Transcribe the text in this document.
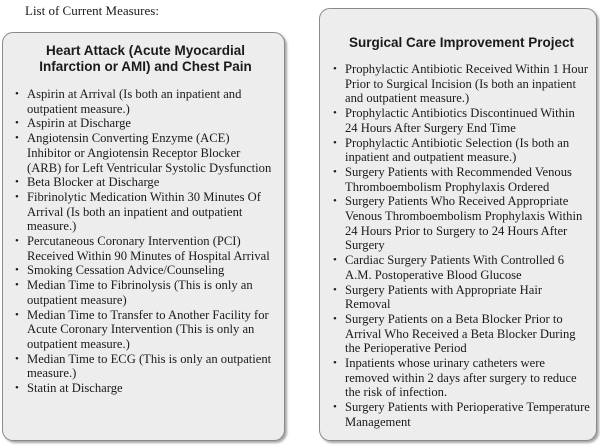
List of Current Measures:
Heart Attack (Acute Myocardial Infarction or AMI) and Chest Pain
• Aspirin at Arrival (Is both an inpatient and outpatient measure.)
• Aspirin at Discharge
• Angiotensin Converting Enzyme (ACE) Inhibitor or Angiotensin Receptor Blocker (ARB) for Left Ventricular Systolic Dysfunction
• Beta Blocker at Discharge
• Fibrinolytic Medication Within 30 Minutes Of Arrival (Is both an inpatient and outpatient measure.)
• Percutaneous Coronary Intervention (PCI) Received Within 90 Minutes of Hospital Arrival
• Smoking Cessation Advice/Counseling
• Median Time to Fibrinolysis (This is only an outpatient measure)
• Median Time to Transfer to Another Facility for Acute Coronary Intervention (This is only an outpatient measure.)
• Median Time to ECG (This is only an outpatient measure.)
• Statin at Discharge
Surgical Care Improvement Project
• Prophylactic Antibiotic Received Within 1 Hour Prior to Surgical Incision (Is both an inpatient and outpatient measure.)
• Prophylactic Antibiotics Discontinued Within 24 Hours After Surgery End Time
• Prophylactic Antibiotic Selection (Is both an inpatient and outpatient measure.)
• Surgery Patients with Recommended Venous Thromboembolism Prophylaxis Ordered
• Surgery Patients Who Received Appropriate Venous Thromboembolism Prophylaxis Within 24 Hours Prior to Surgery to 24 Hours After Surgery
• Cardiac Surgery Patients With Controlled 6 A.M. Postoperative Blood Glucose
• Surgery Patients with Appropriate Hair Removal
• Surgery Patients on a Beta Blocker Prior to Arrival Who Received a Beta Blocker During the Perioperative Period
• Inpatients whose urinary catheters were removed within 2 days after surgery to reduce the risk of infection.
• Surgery Patients with Perioperative Temperature Management
